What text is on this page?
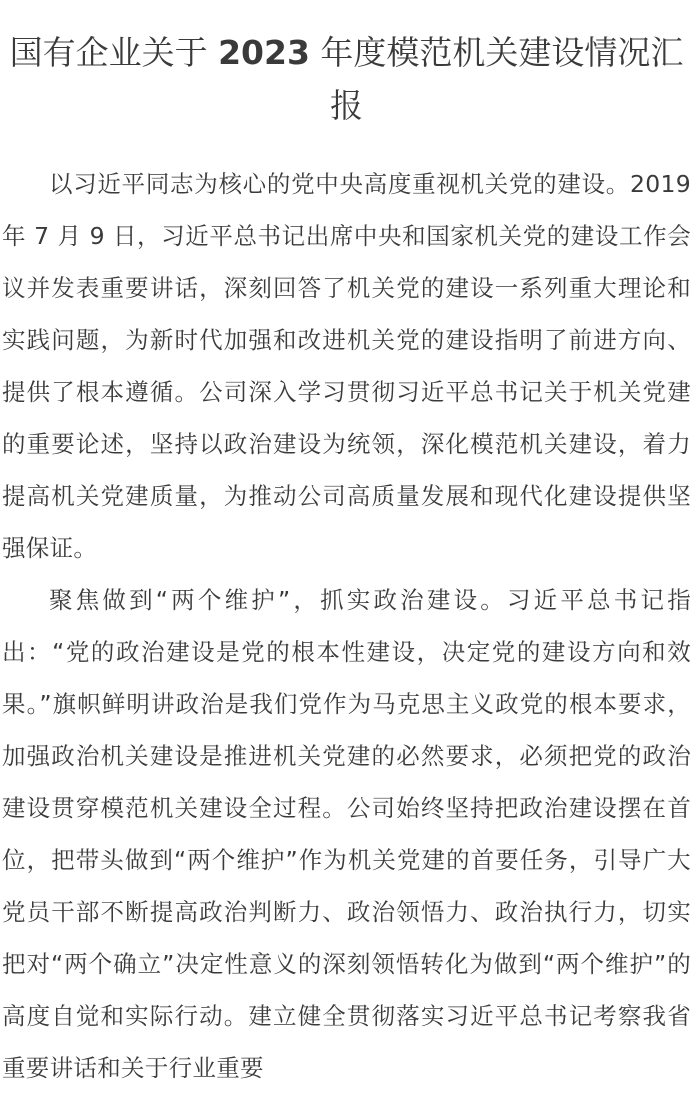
国有企业关于 2023 年度模范机关建设情况汇报

以习近平同志为核心的党中央高度重视机关党的建设。2019 年 7 月 9 日，习近平总书记出席中央和国家机关党的建设工作会议并发表重要讲话，深刻回答了机关党的建设一系列重大理论和实践问题，为新时代加强和改进机关党的建设指明了前进方向、提供了根本遵循。公司深入学习贯彻习近平总书记关于机关党建的重要论述，坚持以政治建设为统领，深化模范机关建设，着力提高机关党建质量，为推动公司高质量发展和现代化建设提供坚强保证。

聚焦做到“两个维护”，抓实政治建设。习近平总书记指出：“党的政治建设是党的根本性建设，决定党的建设方向和效果。”旗帜鲜明讲政治是我们党作为马克思主义政党的根本要求，加强政治机关建设是推进机关党建的必然要求，必须把党的政治建设贯穿模范机关建设全过程。公司始终坚持把政治建设摆在首位，把带头做到“两个维护”作为机关党建的首要任务，引导广大党员干部不断提高政治判断力、政治领悟力、政治执行力，切实把对“两个确立”决定性意义的深刻领悟转化为做到“两个维护”的高度自觉和实际行动。建立健全贯彻落实习近平总书记考察我省重要讲话和关于行业重要
